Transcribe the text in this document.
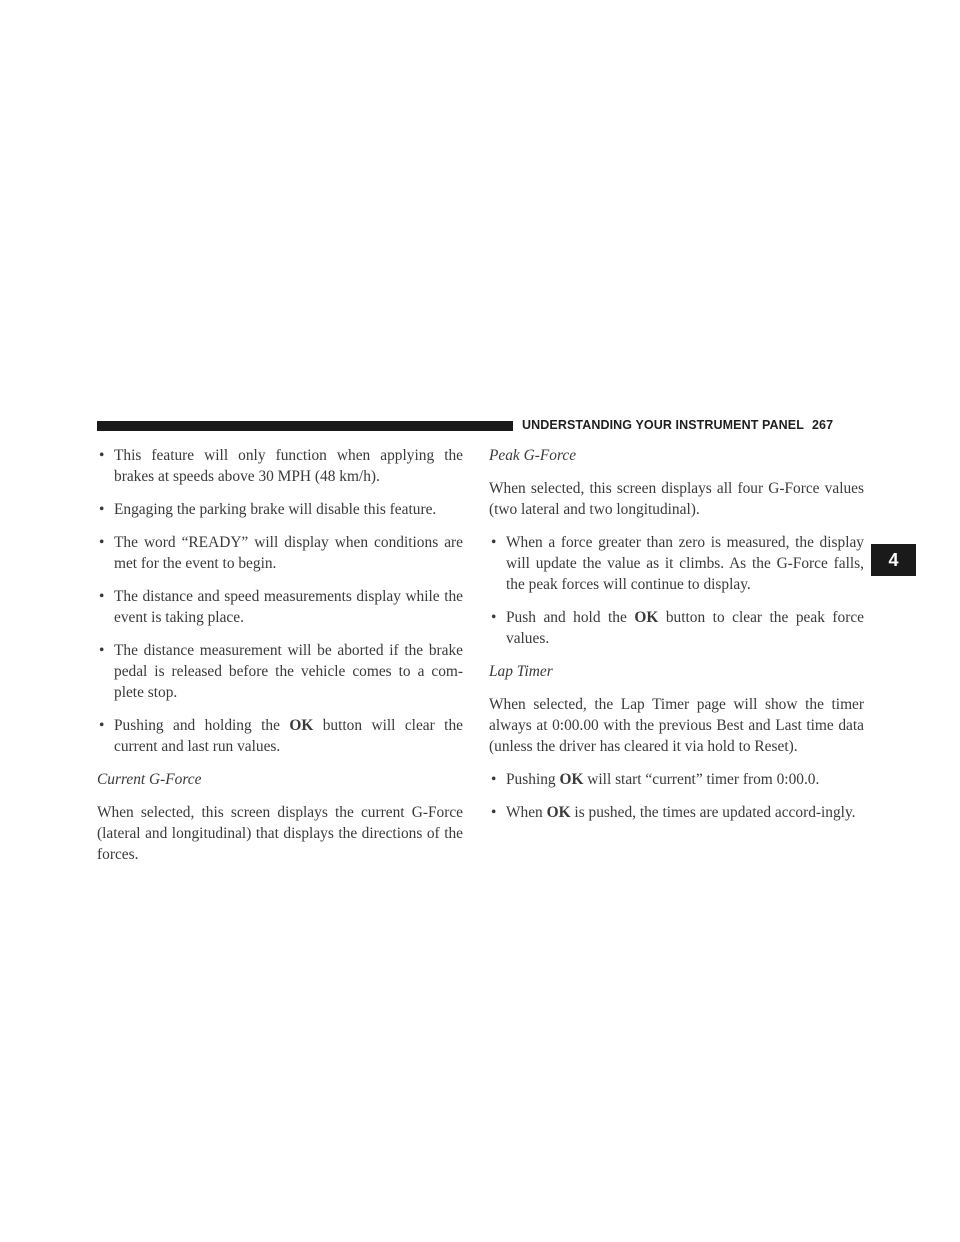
UNDERSTANDING YOUR INSTRUMENT PANEL 267
4
• This feature will only function when applying the brakes at speeds above 30 MPH (48 km/h).
• Engaging the parking brake will disable this feature.
• The word “READY” will display when conditions are met for the event to begin.
• The distance and speed measurements display while the event is taking place.
• The distance measurement will be aborted if the brake pedal is released before the vehicle comes to a com-plete stop.
• Pushing and holding the OK button will clear the current and last run values.
Current G-Force

When selected, this screen displays the current G-Force (lateral and longitudinal) that displays the directions of the forces.

Peak G-Force

When selected, this screen displays all four G-Force values (two lateral and two longitudinal).

• When a force greater than zero is measured, the display will update the value as it climbs. As the G-Force falls, the peak forces will continue to display.
• Push and hold the OK button to clear the peak force values.
Lap Timer

When selected, the Lap Timer page will show the timer always at 0:00.00 with the previous Best and Last time data (unless the driver has cleared it via hold to Reset).

• Pushing OK will start “current” timer from 0:00.0.
• When OK is pushed, the times are updated accord-ingly.
